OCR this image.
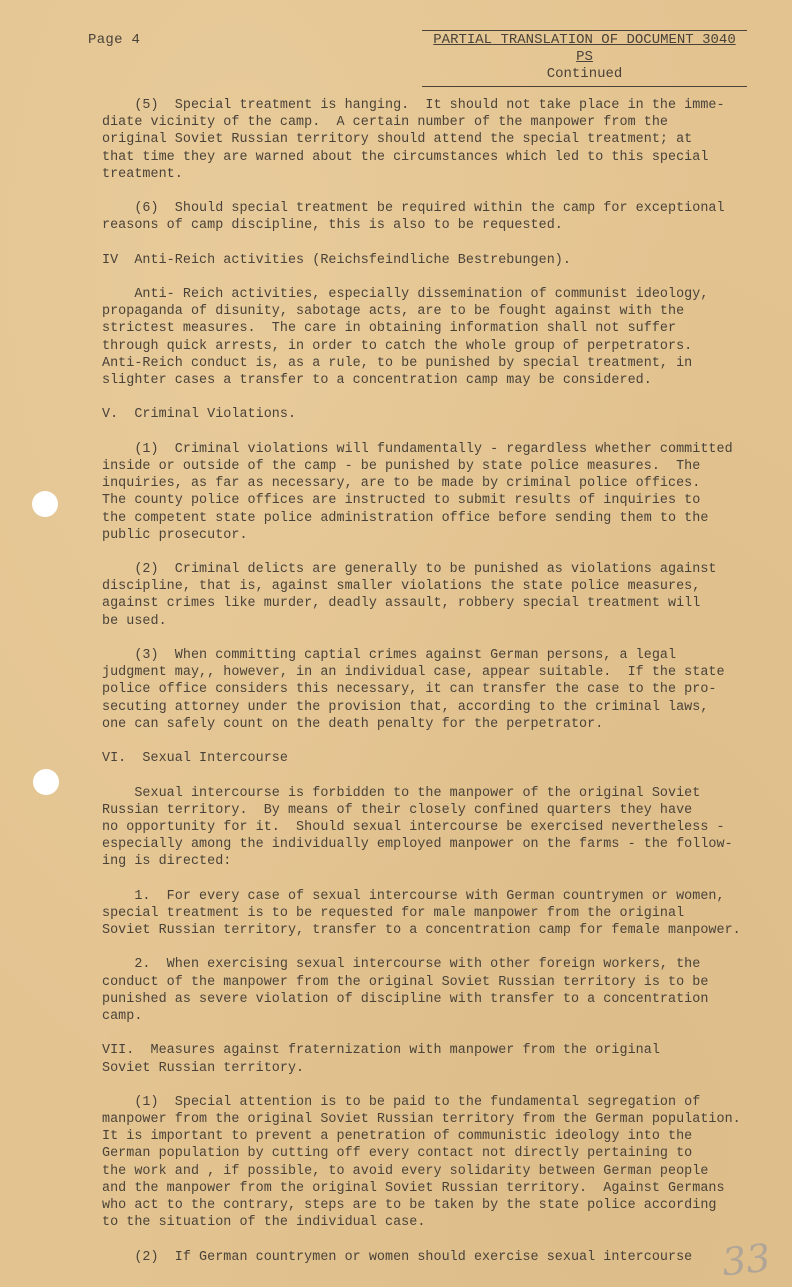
Page 4	PARTIAL TRANSLATION OF DOCUMENT 3040 PS
Continued
(5)  Special treatment is hanging.  It should not take place in the imme-
diate vicinity of the camp.  A certain number of the manpower from the
original Soviet Russian territory should attend the special treatment; at
that time they are warned about the circumstances which led to this special
treatment.
(6)  Should special treatment be required within the camp for exceptional
reasons of camp discipline, this is also to be requested.
IV  Anti-Reich activities (Reichsfeindliche Bestrebungen).
Anti- Reich activities, especially dissemination of communist ideology,
propaganda of disunity, sabotage acts, are to be fought against with the
strictest measures.  The care in obtaining information shall not suffer
through quick arrests, in order to catch the whole group of perpetrators.
Anti-Reich conduct is, as a rule, to be punished by special treatment, in
slighter cases a transfer to a concentration camp may be considered.
V.  Criminal Violations.
(1)  Criminal violations will fundamentally - regardless whether committed
inside or outside of the camp - be punished by state police measures.  The
inquiries, as far as necessary, are to be made by criminal police offices.
The county police offices are instructed to submit results of inquiries to
the competent state police administration office before sending them to the
public prosecutor.
(2)  Criminal delicts are generally to be punished as violations against
discipline, that is, against smaller violations the state police measures,
against crimes like murder, deadly assault, robbery special treatment will
be used.
(3)  When committing captial crimes against German persons, a legal
judgment may,, however, in an individual case, appear suitable.  If the state
police office considers this necessary, it can transfer the case to the pro-
secuting attorney under the provision that, according to the criminal laws,
one can safely count on the death penalty for the perpetrator.
VI.  Sexual Intercourse
Sexual intercourse is forbidden to the manpower of the original Soviet
Russian territory.  By means of their closely confined quarters they have
no opportunity for it.  Should sexual intercourse be exercised nevertheless -
especially among the individually employed manpower on the farms - the follow-
ing is directed:
1.  For every case of sexual intercourse with German countrymen or women,
special treatment is to be requested for male manpower from the original
Soviet Russian territory, transfer to a concentration camp for female manpower.
2.  When exercising sexual intercourse with other foreign workers, the
conduct of the manpower from the original Soviet Russian territory is to be
punished as severe violation of discipline with transfer to a concentration
camp.
VII.  Measures against fraternization with manpower from the original
Soviet Russian territory.
(1)  Special attention is to be paid to the fundamental segregation of
manpower from the original Soviet Russian territory from the German population.
It is important to prevent a penetration of communistic ideology into the
German population by cutting off every contact not directly pertaining to
the work and , if possible, to avoid every solidarity between German people
and the manpower from the original Soviet Russian territory.  Against Germans
who act to the contrary, steps are to be taken by the state police according
to the situation of the individual case.
(2)  If German countrymen or women should exercise sexual intercourse 33
